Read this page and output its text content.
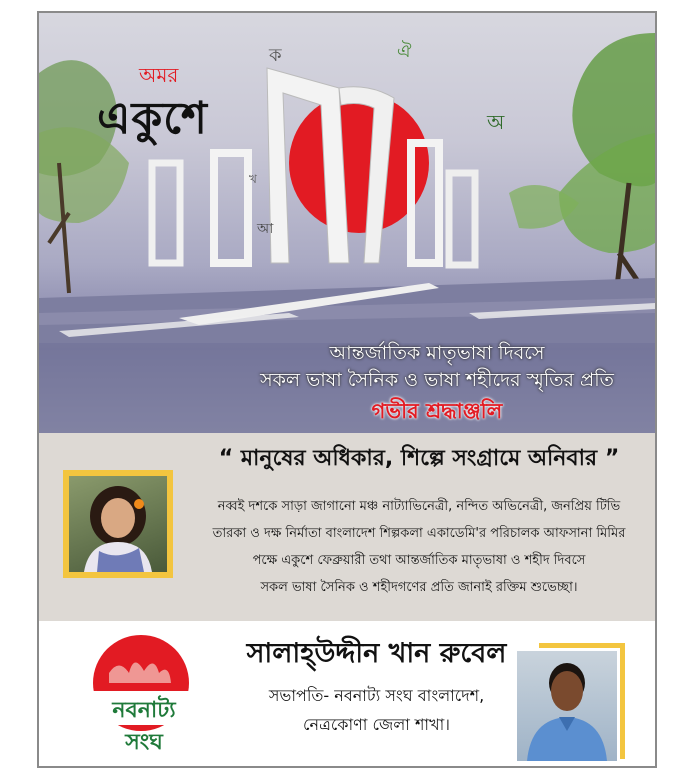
ক	ঐ
খ
আ
অ
অমর
একুশে
আন্তর্জাতিক মাতৃভাষা দিবসে
সকল ভাষা সৈনিক ও ভাষা শহীদের স্মৃতির প্রতি
গভীর শ্রদ্ধাঞ্জলি
“ মানুষের অধিকার, শিল্পে সংগ্রামে অনিবার ”
নব্বই দশকে সাড়া জাগানো মঞ্চ নাট্যাভিনেত্রী, নন্দিত অভিনেত্রী, জনপ্রিয় টিভি
তারকা ও দক্ষ নির্মাতা বাংলাদেশ শিল্পকলা একাডেমি'র পরিচালক আফসানা মিমির
পক্ষে একুশে ফেব্রুয়ারী তথা আন্তর্জাতিক মাতৃভাষা ও শহীদ দিবসে
সকল ভাষা সৈনিক ও শহীদগণের প্রতি জানাই রক্তিম শুভেচ্ছা।
নবনাট্য
সংঘ
সালাহ্উদ্দীন খান রুবেল
সভাপতি- নবনাট্য সংঘ বাংলাদেশ,
নেত্রকোণা জেলা শাখা।
